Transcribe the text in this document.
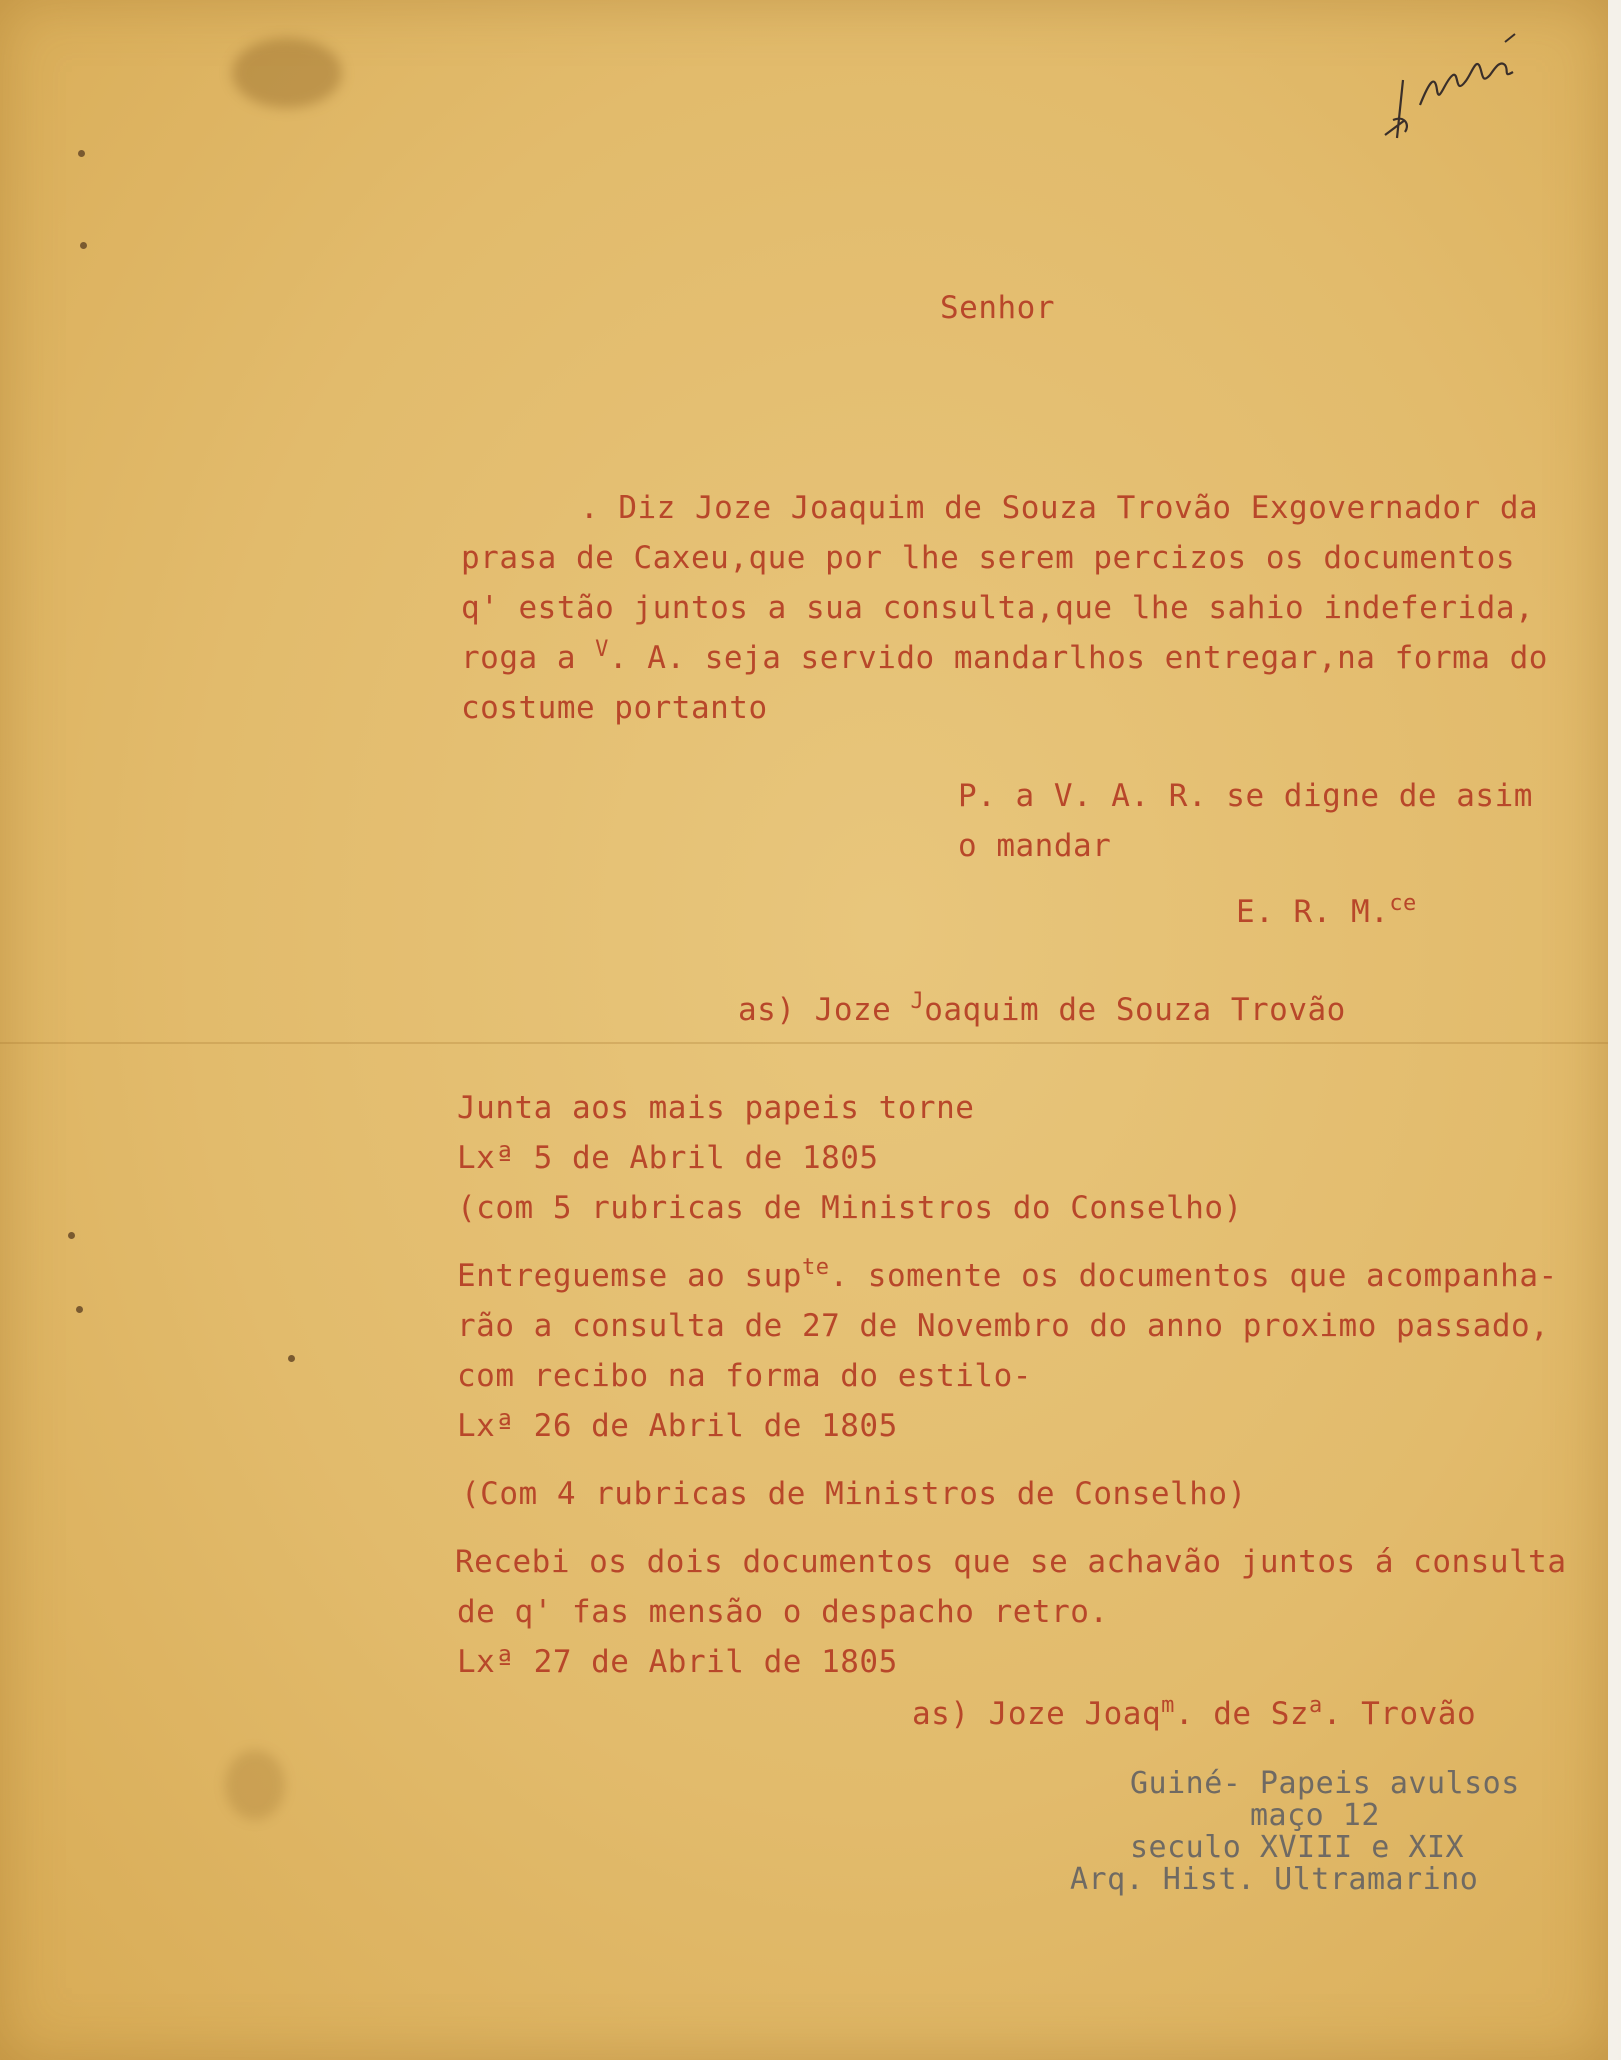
Senhor
. Diz Joze Joaquim de Souza Trovão Exgovernador da
prasa de Caxeu,que por lhe serem percizos os documentos
q' estão juntos a sua consulta,que lhe sahio indeferida,
roga a $^V$. A. seja servido mandarlhos entregar,na forma do
costume portanto
P. a V. A. R. se digne de asim
o mandar
E. R. M.$^{ce}$
as) Joze $^J$oaquim de Souza Trovão
Junta aos mais papeis torne
Lxª 5 de Abril de 1805
(com 5 rubricas de Ministros do Conselho)
Entreguemse ao sup$^{te}$. somente os documentos que acompanha-
rão a consulta de 27 de Novembro do anno proximo passado,
com recibo na forma do estilo-
Lxª 26 de Abril de 1805
(Com 4 rubricas de Ministros de Conselho)
Recebi os dois documentos que se achavão juntos á consulta
de q' fas mensão o despacho retro.
Lxª 27 de Abril de 1805
as) Joze Joaq$^m$. de Sz$^a$. Trovão
Guiné- Papeis avulsos
maço 12
seculo XVIII e XIX
Arq. Hist. Ultramarino
